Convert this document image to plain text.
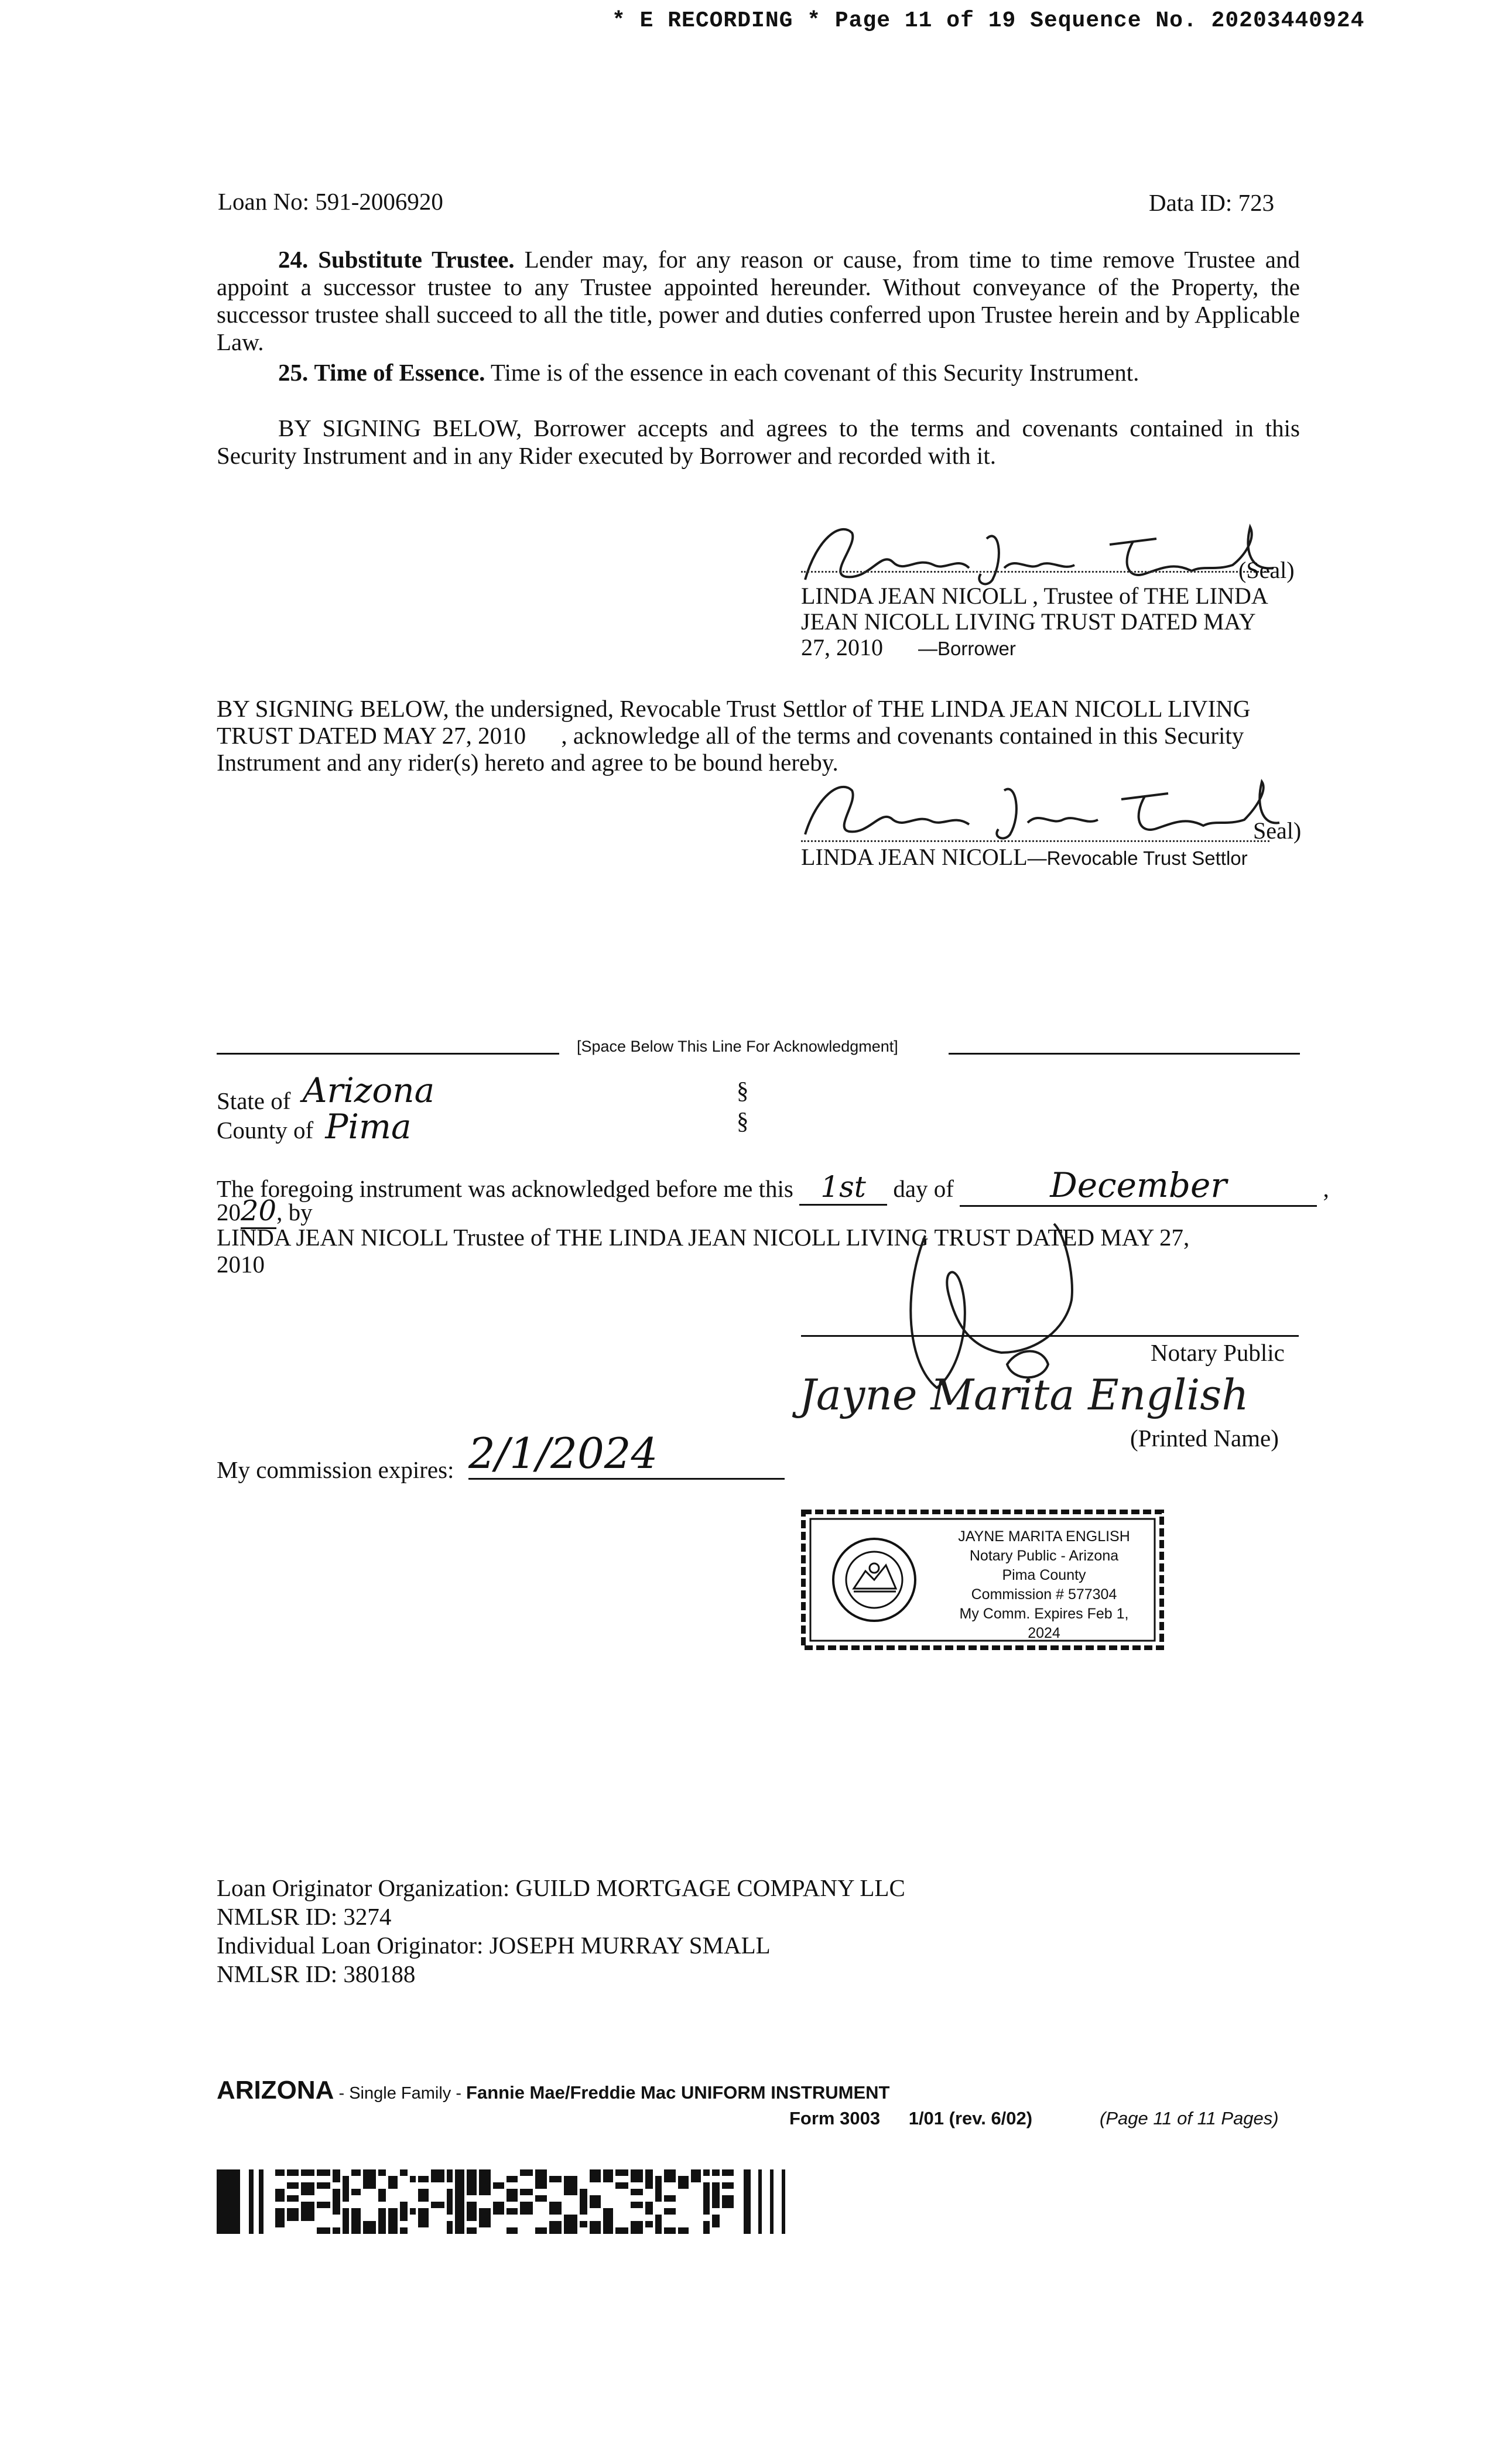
* E RECORDING * Page 11 of 19 Sequence No. 20203440924
Loan No: 591-2006920	Data ID: 723
24. Substitute Trustee. Lender may, for any reason or cause, from time to time remove Trustee and appoint a successor trustee to any Trustee appointed hereunder. Without conveyance of the Property, the successor trustee shall succeed to all the title, power and duties conferred upon Trustee herein and by Applicable Law.
25. Time of Essence. Time is of the essence in each covenant of this Security Instrument.
BY SIGNING BELOW, Borrower accepts and agrees to the terms and covenants contained in this Security Instrument and in any Rider executed by Borrower and recorded with it.
(Seal)
LINDA JEAN NICOLL , Trustee of THE LINDA
JEAN NICOLL LIVING TRUST DATED MAY
27, 2010 —Borrower
BY SIGNING BELOW, the undersigned, Revocable Trust Settlor of THE LINDA JEAN NICOLL LIVING
TRUST DATED MAY 27, 2010 , acknowledge all of the terms and covenants contained in this Security
Instrument and any rider(s) hereto and agree to be bound hereby.
Seal)
LINDA JEAN NICOLL—Revocable Trust Settlor
[Space Below This Line For Acknowledgment]
State of Arizona	§
County of Pima	§
The foregoing instrument was acknowledged before me this 1st day of	December	,
2020, by
LINDA JEAN NICOLL Trustee of THE LINDA JEAN NICOLL LIVING TRUST DATED MAY 27,
2010
Notary Public
Jayne Marita English
(Printed Name)
My commission expires: 2/1/2024
JAYNE MARITA ENGLISH
Notary Public - Arizona
Pima County
Commission # 577304
My Comm. Expires Feb 1, 2024
Loan Originator Organization: GUILD MORTGAGE COMPANY LLC
NMLSR ID: 3274
Individual Loan Originator: JOSEPH MURRAY SMALL
NMLSR ID: 380188
ARIZONA - Single Family - Fannie Mae/Freddie Mac UNIFORM INSTRUMENT
Form 3003 1/01 (rev. 6/02)	(Page 11 of 11 Pages)
